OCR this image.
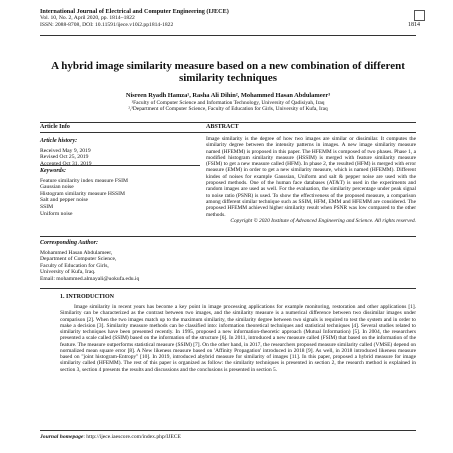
International Journal of Electrical and Computer Engineering (IJECE)
Vol. 10, No. 2, April 2020, pp. 1814~1822
ISSN: 2088-8708, DOI: 10.11591/ijece.v10i2.pp1814-1822	1814
A hybrid image similarity measure based on a new combination of different similarity techniques
Nisreen Ryadh Hamza¹, Rasha Ali Dihin², Mohammed Hasan Abdulameer³
¹Faculty of Computer Science and Information Technology, University of Qadisiyah, Iraq
²,³Department of Computer Science, Faculty of Education for Girls, University of Kufa, Iraq
Article Info	ABSTRACT
Article history:
Received May 9, 2019
Revised Oct 25, 2019
Accepted Oct 31, 2019
Keywords:
Feature similarity index measure FSIM
Gaussian noise
Histogram similarity measure HSSIM
Salt and pepper noise
SSIM
Uniform noise
Image similarity is the degree of how two images are similar or dissimilar. It computes the similarity degree between the intensity patterns in images. A new image similarity measure named (HFEMM) is proposed in this paper. The HFEMM is composed of two phases. Phase 1, a modified histogram similarity measure (HSSIM) is merged with feature similarity measure (FSIM) to get a new measure called (HFM). In phase 2, the resulted (HFM) is merged with error measure (EMM) in order to get a new similarity measure, which is named (HFEMM). Different kindes of noises for example Gaussian, Uniform and salt & pepper noise are used with the proposed methods. One of the human face databases (AT&T) is used in the experiments and random images are used as well. For the evaluation, the similarity percentage under peak signal to noise ratio (PSNR) is used. To show the effectiveness of the proposed measure, a comparison among different similar technique such as SSIM, HFM, EMM and HFEMM are considered. The proposed HFEMM achieved higher similarity result when PSNR was low compared to the other methods.
Copyright © 2020 Institute of Advanced Engineering and Science. All rights reserved.
Corresponding Author:
Mohammed Hasan Abdulameer,
Department of Computer Science,
Faculty of Education for Girls,
University of Kufa, Iraq.
Email: mohammed.almayali@uokufa.edu.iq
1. INTRODUCTION

Image similarity in recent years has become a key point in image processing applications for example monitoring, restoration and other applications [1]. Similarity can be characterized as the contrast between two images, and the similarity measure is a numerical difference between two dissimilar images under comparison [2]. When the two images match up to the maximum similarity, the similarity degree between two signals is required to test the system and in order to make a decision [3]. Similarity measure methods can be classified into: information theoretical techniques and statistical techniques [4]. Several studies related to similarity techniques have been presented recently. In 1995, proposed a new information-theoretic approach (Mutual Information) [5]. In 2004, the researchers presented a scale called (SSIM) based on the information of the structure [6]. In 2011, introduced a new measure called (FSIM) that based on the information of the feature. The measure outperforms statistical measure (SSIM) [7]. On the other hand, in 2017, the researchers proposed measure similarity called (VMSE) depend on normalized mean square error [8]. A New likeness measure based on 'Affinity Propagation' introduced in 2018 [9]. As well, in 2018 introduced likeness measure based on "joint histogram-Entropy" [10]. In 2019, introduced abybrid measure for similarity of images [11]. In this paper, proposed a hybrid measure for image similarity called (HFEMM). The rest of this paper is organized as follow: the similarity techniques is presented in section 2, the research method is explained in section 3, section 4 presents the results and discussions and the conclusions is presented in section 5.

Journal homepage: http://ijece.iaescore.com/index.php/IJECE
